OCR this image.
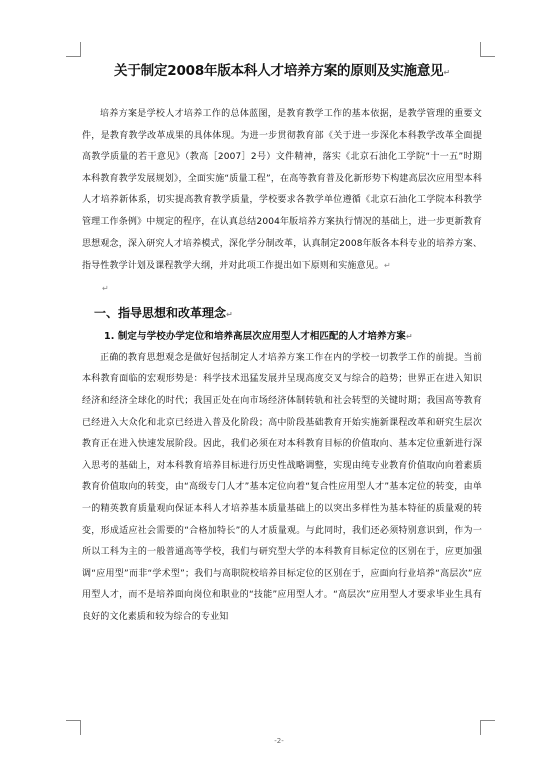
关于制定2008年版本科人才培养方案的原则及实施意见↵

培养方案是学校人才培养工作的总体蓝图，是教育教学工作的基本依据，是教学管理的重要文件，是教育教学改革成果的具体体现。为进一步贯彻教育部《关于进一步深化本科教学改革全面提高教学质量的若干意见》（教高［2007］2号）文件精神，落实《北京石油化工学院“十一五”时期本科教育教学发展规划》，全面实施“质量工程”，在高等教育普及化新形势下构建高层次应用型本科人才培养新体系，切实提高教育教学质量，学校要求各教学单位遵循《北京石油化工学院本科教学管理工作条例》中规定的程序，在认真总结2004年版培养方案执行情况的基础上，进一步更新教育思想观念，深入研究人才培养模式，深化学分制改革，认真制定2008年版各本科专业的培养方案、指导性教学计划及课程教学大纲，并对此项工作提出如下原则和实施意见。↵

↵
一、指导思想和改革理念↵
1. 制定与学校办学定位和培养高层次应用型人才相匹配的人才培养方案↵

正确的教育思想观念是做好包括制定人才培养方案工作在内的学校一切教学工作的前提。当前本科教育面临的宏观形势是：科学技术迅猛发展并呈现高度交叉与综合的趋势；世界正在进入知识经济和经济全球化的时代；我国正处在向市场经济体制转轨和社会转型的关键时期；我国高等教育已经进入大众化和北京已经进入普及化阶段；高中阶段基础教育开始实施新课程改革和研究生层次教育正在进入快速发展阶段。因此，我们必须在对本科教育目标的价值取向、基本定位重新进行深入思考的基础上，对本科教育培养目标进行历史性战略调整，实现由纯专业教育价值取向向着素质教育价值取向的转变，由“高级专门人才”基本定位向着“复合性应用型人才”基本定位的转变，由单一的精英教育质量观向保证本科人才培养基本质量基础上的以突出多样性为基本特征的质量观的转变，形成适应社会需要的“合格加特长”的人才质量观。与此同时，我们还必须特别意识到，作为一所以工科为主的一般普通高等学校，我们与研究型大学的本科教育目标定位的区别在于，应更加强调“应用型”而非“学术型”；我们与高职院校培养目标定位的区别在于，应面向行业培养“高层次”应用型人才，而不是培养面向岗位和职业的“技能”应用型人才。“高层次”应用型人才要求毕业生具有良好的文化素质和较为综合的专业知

-2-
